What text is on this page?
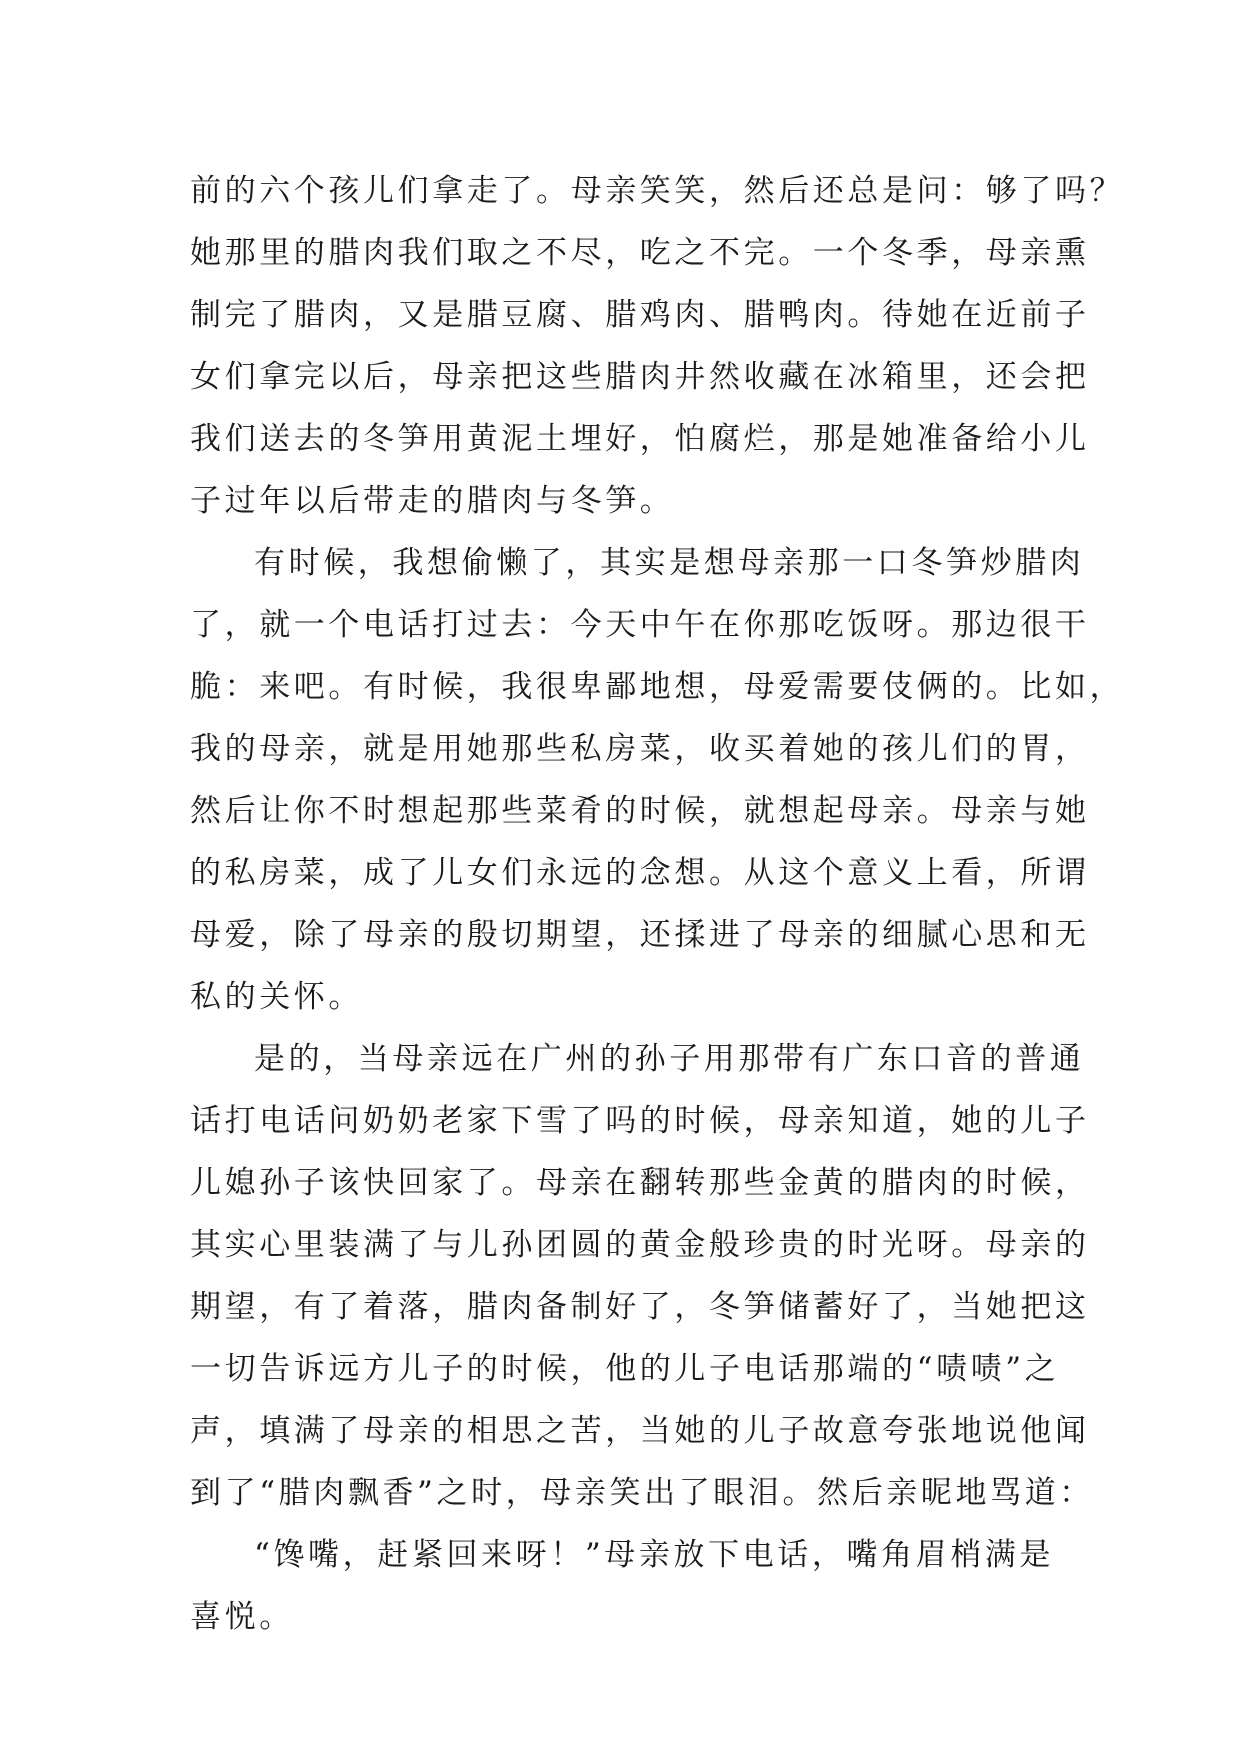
前的六个孩儿们拿走了。母亲笑笑，然后还总是问：够了吗？
她那里的腊肉我们取之不尽，吃之不完。一个冬季，母亲熏
制完了腊肉，又是腊豆腐、腊鸡肉、腊鸭肉。待她在近前子
女们拿完以后，母亲把这些腊肉井然收藏在冰箱里，还会把
我们送去的冬笋用黄泥土埋好，怕腐烂，那是她准备给小儿
子过年以后带走的腊肉与冬笋。
有时候，我想偷懒了，其实是想母亲那一口冬笋炒腊肉
了，就一个电话打过去：今天中午在你那吃饭呀。那边很干
脆：来吧。有时候，我很卑鄙地想，母爱需要伎俩的。比如，
我的母亲，就是用她那些私房菜，收买着她的孩儿们的胃，
然后让你不时想起那些菜肴的时候，就想起母亲。母亲与她
的私房菜，成了儿女们永远的念想。从这个意义上看，所谓
母爱，除了母亲的殷切期望，还揉进了母亲的细腻心思和无
私的关怀。
是的，当母亲远在广州的孙子用那带有广东口音的普通
话打电话问奶奶老家下雪了吗的时候，母亲知道，她的儿子
儿媳孙子该快回家了。母亲在翻转那些金黄的腊肉的时候，
其实心里装满了与儿孙团圆的黄金般珍贵的时光呀。母亲的
期望，有了着落，腊肉备制好了，冬笋储蓄好了，当她把这
一切告诉远方儿子的时候，他的儿子电话那端的“啧啧”之
声，填满了母亲的相思之苦，当她的儿子故意夸张地说他闻
到了“腊肉飘香”之时，母亲笑出了眼泪。然后亲昵地骂道：
“馋嘴，赶紧回来呀！”母亲放下电话，嘴角眉梢满是
喜悦。
